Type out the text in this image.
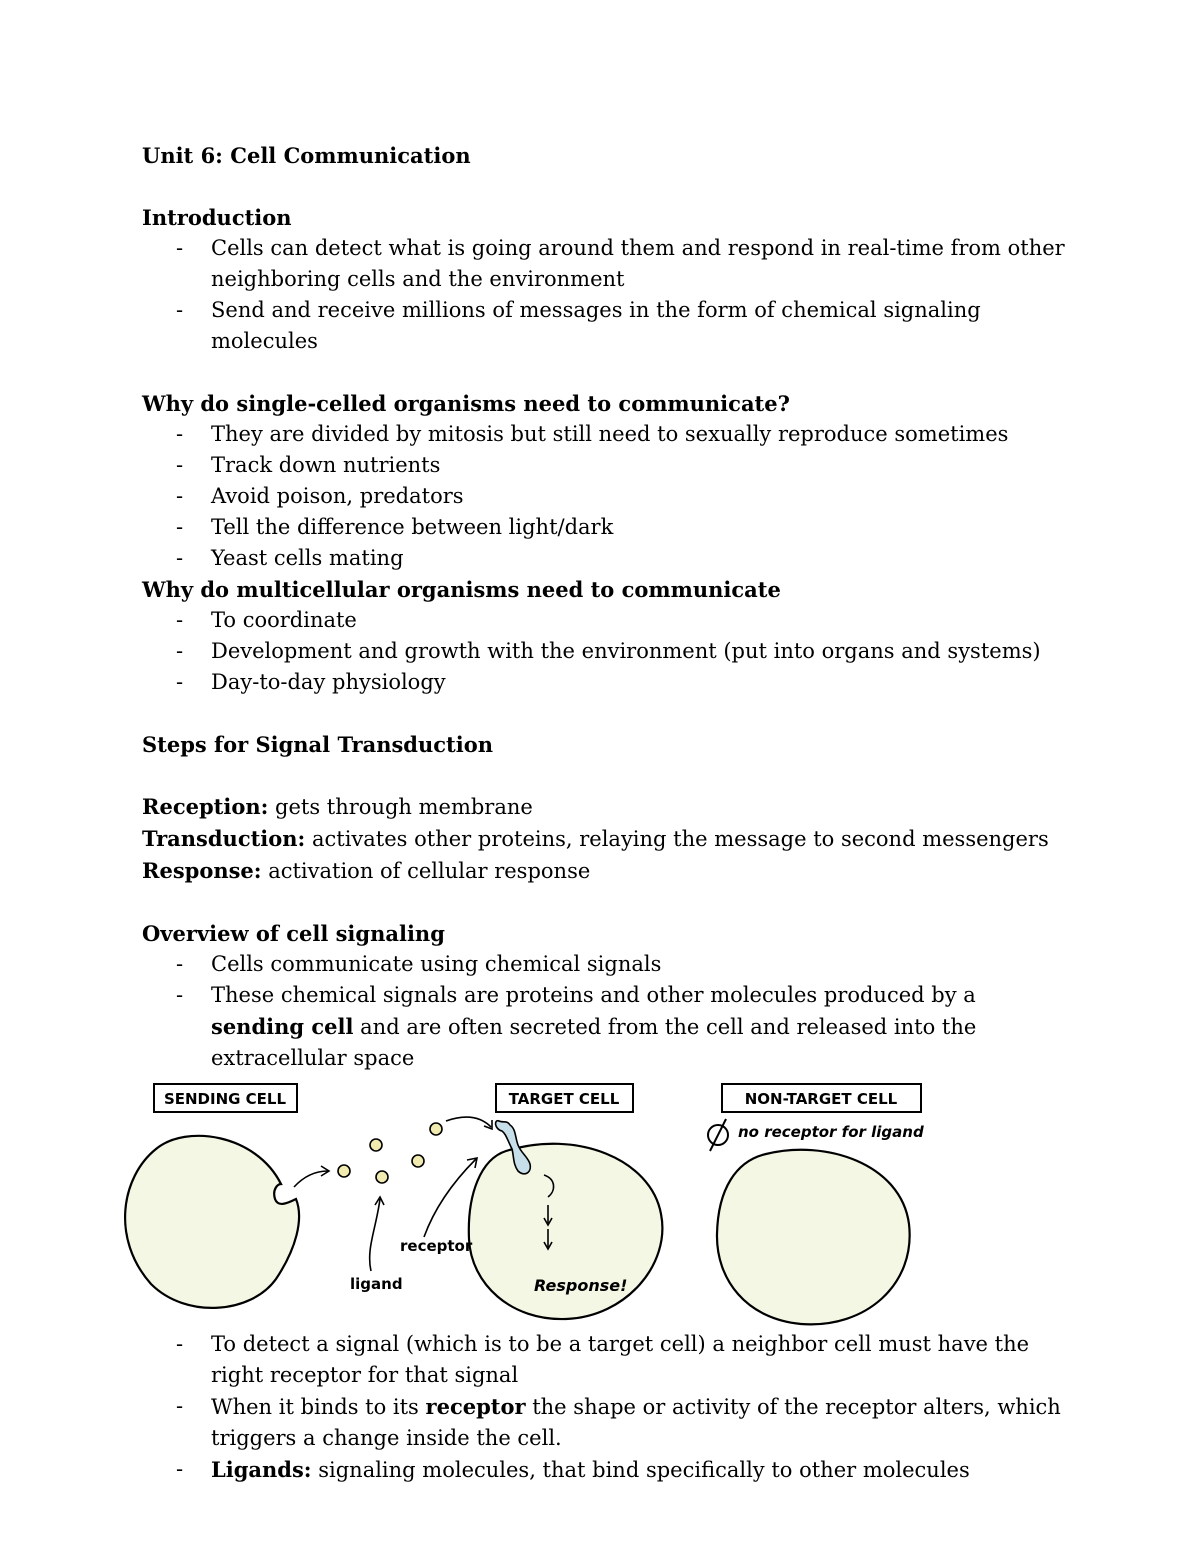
Unit 6: Cell Communication
Introduction
- Cells can detect what is going around them and respond in real-time from other neighboring cells and the environment
- Send and receive millions of messages in the form of chemical signaling molecules
Why do single-celled organisms need to communicate?
- They are divided by mitosis but still need to sexually reproduce sometimes
- Track down nutrients
- Avoid poison, predators
- Tell the difference between light/dark
- Yeast cells mating
Why do multicellular organisms need to communicate
- To coordinate
- Development and growth with the environment (put into organs and systems)
- Day-to-day physiology
Steps for Signal Transduction
Reception: gets through membrane
Transduction: activates other proteins, relaying the message to second messengers
Response: activation of cellular response
Overview of cell signaling
- Cells communicate using chemical signals
- These chemical signals are proteins and other molecules produced by a sending cell and are often secreted from the cell and released into the extracellular space
SENDING CELL	TARGET CELL	NON-TARGET CELL
no receptor for ligand
receptor
ligand	Response!
- To detect a signal (which is to be a target cell) a neighbor cell must have the right receptor for that signal
- When it binds to its receptor the shape or activity of the receptor alters, which triggers a change inside the cell.
- Ligands: signaling molecules, that bind specifically to other molecules
